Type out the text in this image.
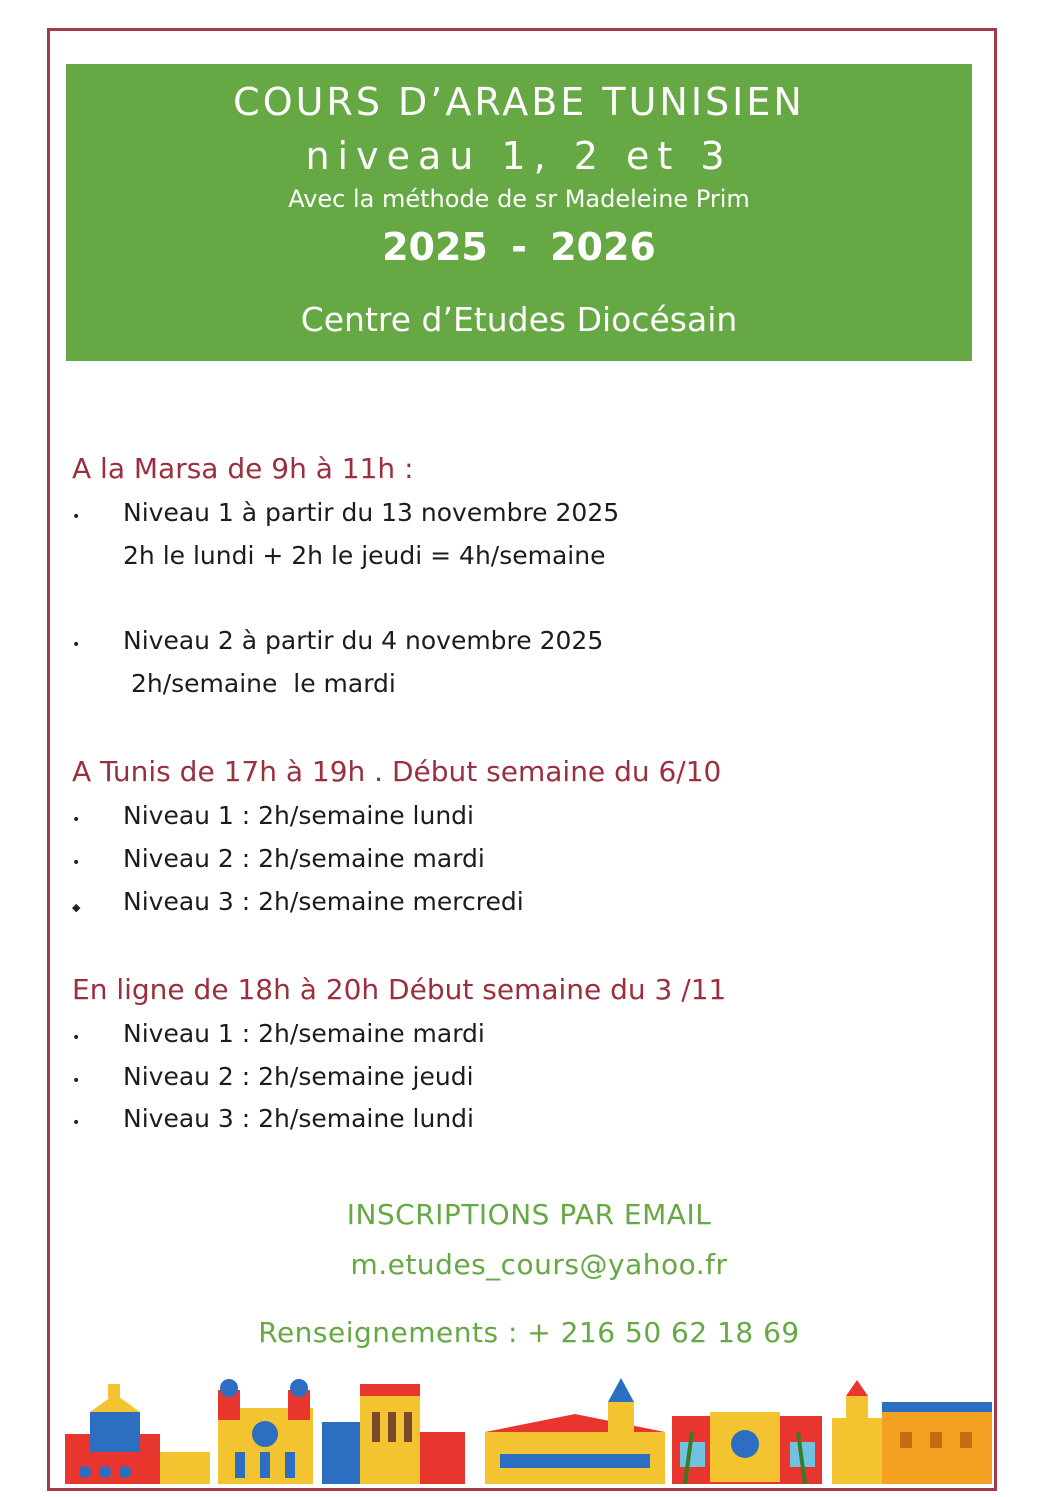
COURS D’ARABE TUNISIEN
niveau 1, 2 et 3
Avec la méthode de sr Madeleine Prim
2025 - 2026
Centre d’Etudes Diocésain
A la Marsa de 9h à 11h :
• Niveau 1 à partir du 13 novembre 2025
2h le lundi + 2h le jeudi = 4h/semaine
• Niveau 2 à partir du 4 novembre 2025
2h/semaine  le mardi
A Tunis de 17h à 19h . Début semaine du 6/10
• Niveau 1 : 2h/semaine lundi
• Niveau 2 : 2h/semaine mardi
◆ Niveau 3 : 2h/semaine mercredi
En ligne de 18h à 20h Début semaine du 3 /11
• Niveau 1 : 2h/semaine mardi
• Niveau 2 : 2h/semaine jeudi
• Niveau 3 : 2h/semaine lundi
INSCRIPTIONS PAR EMAIL
m.etudes_cours@yahoo.fr
Renseignements : + 216 50 62 18 69
